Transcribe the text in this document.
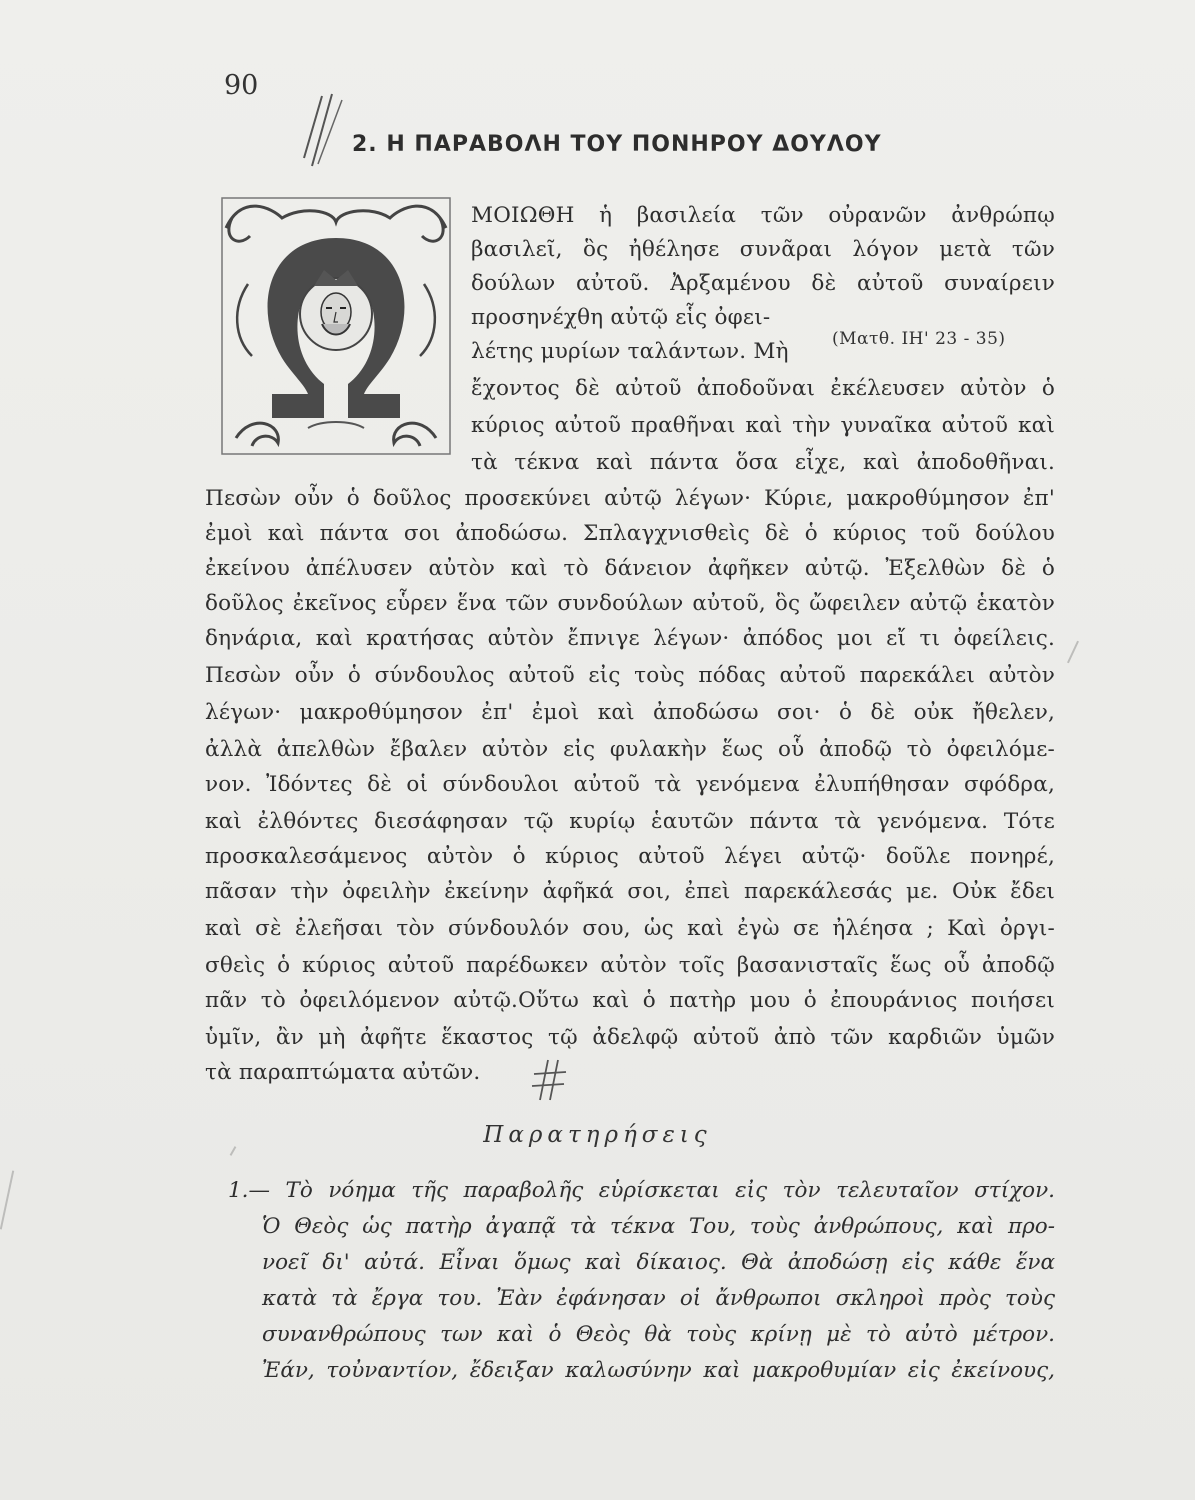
90
2. Η ΠΑΡΑΒΟΛΗ ΤΟΥ ΠΟΝΗΡΟΥ ΔΟΥΛΟΥ
(Ματθ. ΙΗ' 23 - 35)
ΜΟΙΩΘΗ ἡ βασιλεία τῶν οὐρανῶν ἀνθρώπῳ
βασιλεῖ, ὃς ἠθέλησε συνᾶραι λόγον μετὰ τῶν
δούλων αὐτοῦ. Ἀρξαμένου δὲ αὐτοῦ συναίρειν
προσηνέχθη αὐτῷ εἷς ὀφει-
λέτης μυρίων ταλάντων. Μὴ
ἔχοντος δὲ αὐτοῦ ἀποδοῦναι ἐκέλευσεν αὐτὸν ὁ
κύριος αὐτοῦ πραθῆναι καὶ τὴν γυναῖκα αὐτοῦ καὶ
τὰ τέκνα καὶ πάντα ὅσα εἶχε, καὶ ἀποδοθῆναι.
Πεσὼν οὖν ὁ δοῦλος προσεκύνει αὐτῷ λέγων· Κύριε, μακροθύμησον ἐπ'
ἐμοὶ καὶ πάντα σοι ἀποδώσω. Σπλαγχνισθεὶς δὲ ὁ κύριος τοῦ δούλου
ἐκείνου ἀπέλυσεν αὐτὸν καὶ τὸ δάνειον ἀφῆκεν αὐτῷ. Ἐξελθὼν δὲ ὁ
δοῦλος ἐκεῖνος εὗρεν ἕνα τῶν συνδούλων αὐτοῦ, ὃς ὤφειλεν αὐτῷ ἑκατὸν
δηνάρια, καὶ κρατήσας αὐτὸν ἔπνιγε λέγων· ἀπόδος μοι εἴ τι ὀφείλεις.
Πεσὼν οὖν ὁ σύνδουλος αὐτοῦ εἰς τοὺς πόδας αὐτοῦ παρεκάλει αὐτὸν
λέγων· μακροθύμησον ἐπ' ἐμοὶ καὶ ἀποδώσω σοι· ὁ δὲ οὐκ ἤθελεν,
ἀλλὰ ἀπελθὼν ἔβαλεν αὐτὸν εἰς φυλακὴν ἕως οὗ ἀποδῷ τὸ ὀφειλόμε-
νον. Ἰδόντες δὲ οἱ σύνδουλοι αὐτοῦ τὰ γενόμενα ἐλυπήθησαν σφόδρα,
καὶ ἐλθόντες διεσάφησαν τῷ κυρίῳ ἑαυτῶν πάντα τὰ γενόμενα. Τότε
προσκαλεσάμενος αὐτὸν ὁ κύριος αὐτοῦ λέγει αὐτῷ· δοῦλε πονηρέ,
πᾶσαν τὴν ὀφειλὴν ἐκείνην ἀφῆκά σοι, ἐπεὶ παρεκάλεσάς με. Οὐκ ἔδει
καὶ σὲ ἐλεῆσαι τὸν σύνδουλόν σου, ὡς καὶ ἐγὼ σε ἠλέησα ; Καὶ ὀργι-
σθεὶς ὁ κύριος αὐτοῦ παρέδωκεν αὐτὸν τοῖς βασανισταῖς ἕως οὗ ἀποδῷ
πᾶν τὸ ὀφειλόμενον αὐτῷ.Οὕτω καὶ ὁ πατὴρ μου ὁ ἐπουράνιος ποιήσει
ὑμῖν, ἂν μὴ ἀφῆτε ἕκαστος τῷ ἀδελφῷ αὐτοῦ ἀπὸ τῶν καρδιῶν ὑμῶν
τὰ παραπτώματα αὐτῶν.
Παρατηρήσεις
1.— Τὸ νόημα τῆς παραβολῆς εὑρίσκεται εἰς τὸν τελευταῖον στίχον.
Ὁ Θεὸς ὡς πατὴρ ἀγαπᾷ τὰ τέκνα Του, τοὺς ἀνθρώπους, καὶ προ-
νοεῖ δι' αὐτά. Εἶναι ὅμως καὶ δίκαιος. Θὰ ἀποδώσῃ εἰς κάθε ἕνα
κατὰ τὰ ἔργα του. Ἐὰν ἐφάνησαν οἱ ἄνθρωποι σκληροὶ πρὸς τοὺς
συνανθρώπους των καὶ ὁ Θεὸς θὰ τοὺς κρίνῃ μὲ τὸ αὐτὸ μέτρον.
Ἐάν, τοὐναντίον, ἔδειξαν καλωσύνην καὶ μακροθυμίαν εἰς ἐκείνους,
